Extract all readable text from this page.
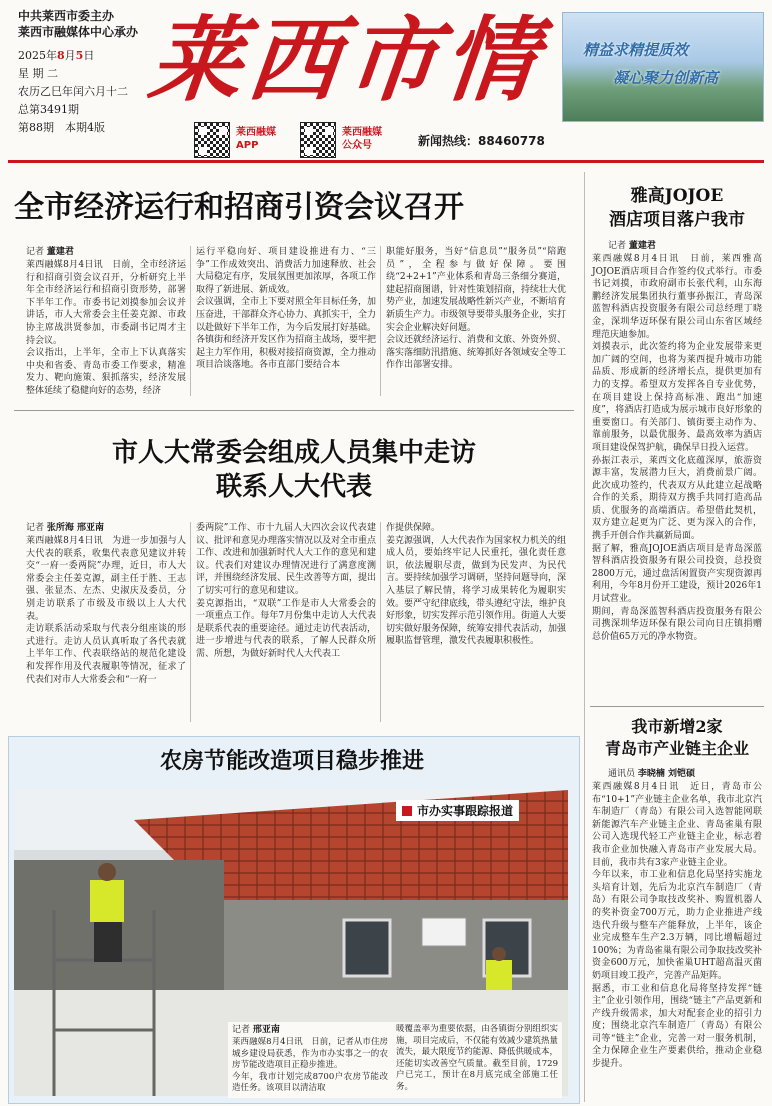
中共莱西市委主办
莱西市融媒体中心承办
2025年8月5日
星 期 二
农历乙巳年闰六月十二
总第3491期
第88期　本期4版
莱西市情
莱西融媒
APP
莱西融媒
公众号	新闻热线：88460778
精益求精提质效
凝心聚力创新高
全市经济运行和招商引资会议召开
记者 董建君
莱西融媒8月4日讯　日前，全市经济运行和招商引资会议召开，分析研究上半年全市经济运行和招商引资形势，部署下半年工作。市委书记刘摸参加会议并讲话，市人大常委会主任姜克源、市政协主席战洪贤参加，市委副书记周才主持会议。
会议指出，上半年，全市上下认真落实中央和省委、青岛市委工作要求，精准发力、靶向施策、狠抓落实，经济发展整体延续了稳健向好的态势，经济
运行平稳向好、项目建设推进有力、“三争”工作成效突出、消费活力加速释放、社会大局稳定有序，发展氛围更加浓厚，各项工作取得了新进展、新成效。
会议强调，全市上下要对照全年目标任务，加压奋进，干部群众齐心协力、真抓实干，全力以赴做好下半年工作，为今后发展打好基础。各镇街和经济开发区作为招商主战场，要牢把起主力军作用，积极对接招商资源，全力推动项目洽谈落地。各市直部门要结合本
职能好服务，当好“信息员”“服务员”“陪跑员”，全程参与做好保障。要围绕“2+2+1”产业体系和青岛三条细分赛道，建起招商图谱，针对性策划招商，持续壮大优势产业，加速发展战略性新兴产业，不断培育新质生产力。市级领导要带头服务企业，实打实会企业解决好问题。
会议还就经济运行、消费和文旅、外资外贸、落实落细防汛措施、统筹抓好各领域安全等工作作出部署安排。
市人大常委会组成人员集中走访
联系人大代表
记者 张所海 邢亚南
莱西融媒8月4日讯　为进一步加强与人大代表的联系，收集代表意见建议并转交“一府一委两院”办理，近日，市人大常委会主任姜克源，副主任于胜、王志强、张显杰、左杰、史淑庆及委员，分别走访联系了市级及市级以上人大代表。
走访联系活动采取与代表分组座谈的形式进行。走访人员认真听取了各代表就上半年工作、代表联络站的规范化建设和发挥作用及代表履职等情况，征求了代表们对市人大常委会和“一府一
委两院”工作、市十九届人大四次会议代表建议、批评和意见办理落实情况以及对全市重点工作、改进和加强新时代人大工作的意见和建议。代表们对建议办理情况进行了满意度测评，并围绕经济发展、民生改善等方面，提出了切实可行的意见和建议。
姜克源指出，“双联”工作是市人大常委会的一项重点工作。每年7月份集中走访人大代表是联系代表的重要途径。通过走访代表活动，进一步增进与代表的联系，了解人民群众所需、所想，为做好新时代人大代表工
作提供保障。
姜克源强调，人大代表作为国家权力机关的组成人员，要始终牢记人民重托，强化责任意识，依法履职尽责，做到为民发声、为民代言。要持续加强学习调研，坚持问题导向，深入基层了解民情，将学习成果转化为履职实效。要严守纪律底线，带头遵纪守法，维护良好形象，切实发挥示范引领作用。街道人大要切实做好服务保障，统筹安排代表活动，加强履职监督管理，激发代表履职积极性。
雅高JOJOE
酒店项目落户我市
记者 董建君
莱西融媒8月4日讯　日前，莱西雅高JOJOE酒店项目合作签约仪式举行。市委书记刘摸，市政府副市长张代利，山东海鹏经济发展集团执行董事孙振江，青岛深蓝智科酒店投资服务有限公司总经理丁晓金，深圳华迈环保有限公司山东省区域经理范庆迪参加。
刘摸表示，此次签约将为企业发展带来更加广阔的空间，也将为莱西提升城市功能品质、形成新的经济增长点，提供更加有力的支撑。希望双方发挥各自专业优势，在项目建设上保持高标准、跑出“加速度”，将酒店打造成为展示城市良好形象的重要窗口。有关部门、镇街要主动作为、靠前服务，以最优服务、最高效率为酒店项目建设保驾护航，确保早日投入运营。
孙振江表示，莱西文化底蕴深厚，旅游资源丰富，发展潜力巨大，消费前景广阔。此次成功签约，代表双方从此建立起战略合作的关系，期待双方携手共同打造高品质、优服务的高端酒店。希望借此契机，双方建立起更为广泛、更为深入的合作，携手开创合作共赢新局面。
据了解，雅高JOJOE酒店项目是青岛深蓝智科酒店投资服务有限公司投资，总投资2800万元，通过盘活闲置资产实现资源再利用，今年8月份开工建设，预计2026年1月试营业。
期间，青岛深蓝智科酒店投资服务有限公司携深圳华迈环保有限公司向日庄镇捐赠总价值65万元的净水物资。
我市新增2家
青岛市产业链主企业
通讯员 李晓楠 刘铠硕
莱西融媒8月4日讯　近日，青岛市公布“10+1”产业链主企业名单，我市北京汽车制造厂（青岛）有限公司入选智能网联新能源汽车产业链主企业、青岛雀巢有限公司入选现代轻工产业链主企业，标志着我市企业加快融入青岛市产业发展大局。目前，我市共有3家产业链主企业。
今年以来，市工业和信息化局坚持实施龙头培育计划，先后为北京汽车制造厂（青岛）有限公司争取技改奖补、购置机器人的奖补资金700万元，助力企业推进产线迭代升级与整车产能释放，上半年，该企业完成整车生产2.3万辆，同比增幅超过100%；为青岛雀巢有限公司争取技改奖补资金600万元，加快雀巢UHT超高温灭菌奶项目竣工投产，完善产品矩阵。
据悉，市工业和信息化局将坚持发挥“链主”企业引领作用，围绕“链主”产品更新和产线升级需求，加大对配套企业的招引力度；围绕北京汽车制造厂（青岛）有限公司等“链主”企业，完善一对一服务机制，全力保障企业生产要素供给，推动企业稳步提升。
农房节能改造项目稳步推进
市办实事跟踪报道
记者 邢亚南
莱西融媒8月4日讯　日前，记者从市住房城乡建设局获悉，作为市办实事之一的农房节能改造项目正稳步推进。
今年，我市计划完成8700户农房节能改造任务。该项目以清洁取
暖覆盖率为重要依据，由各镇街分别组织实施，项目完成后，不仅能有效减少建筑热量流失，最大限度节约能源、降低供暖成本，还能切实改善空气质量。截至目前，1729户已完工，预计在8月底完成全部施工任务。
